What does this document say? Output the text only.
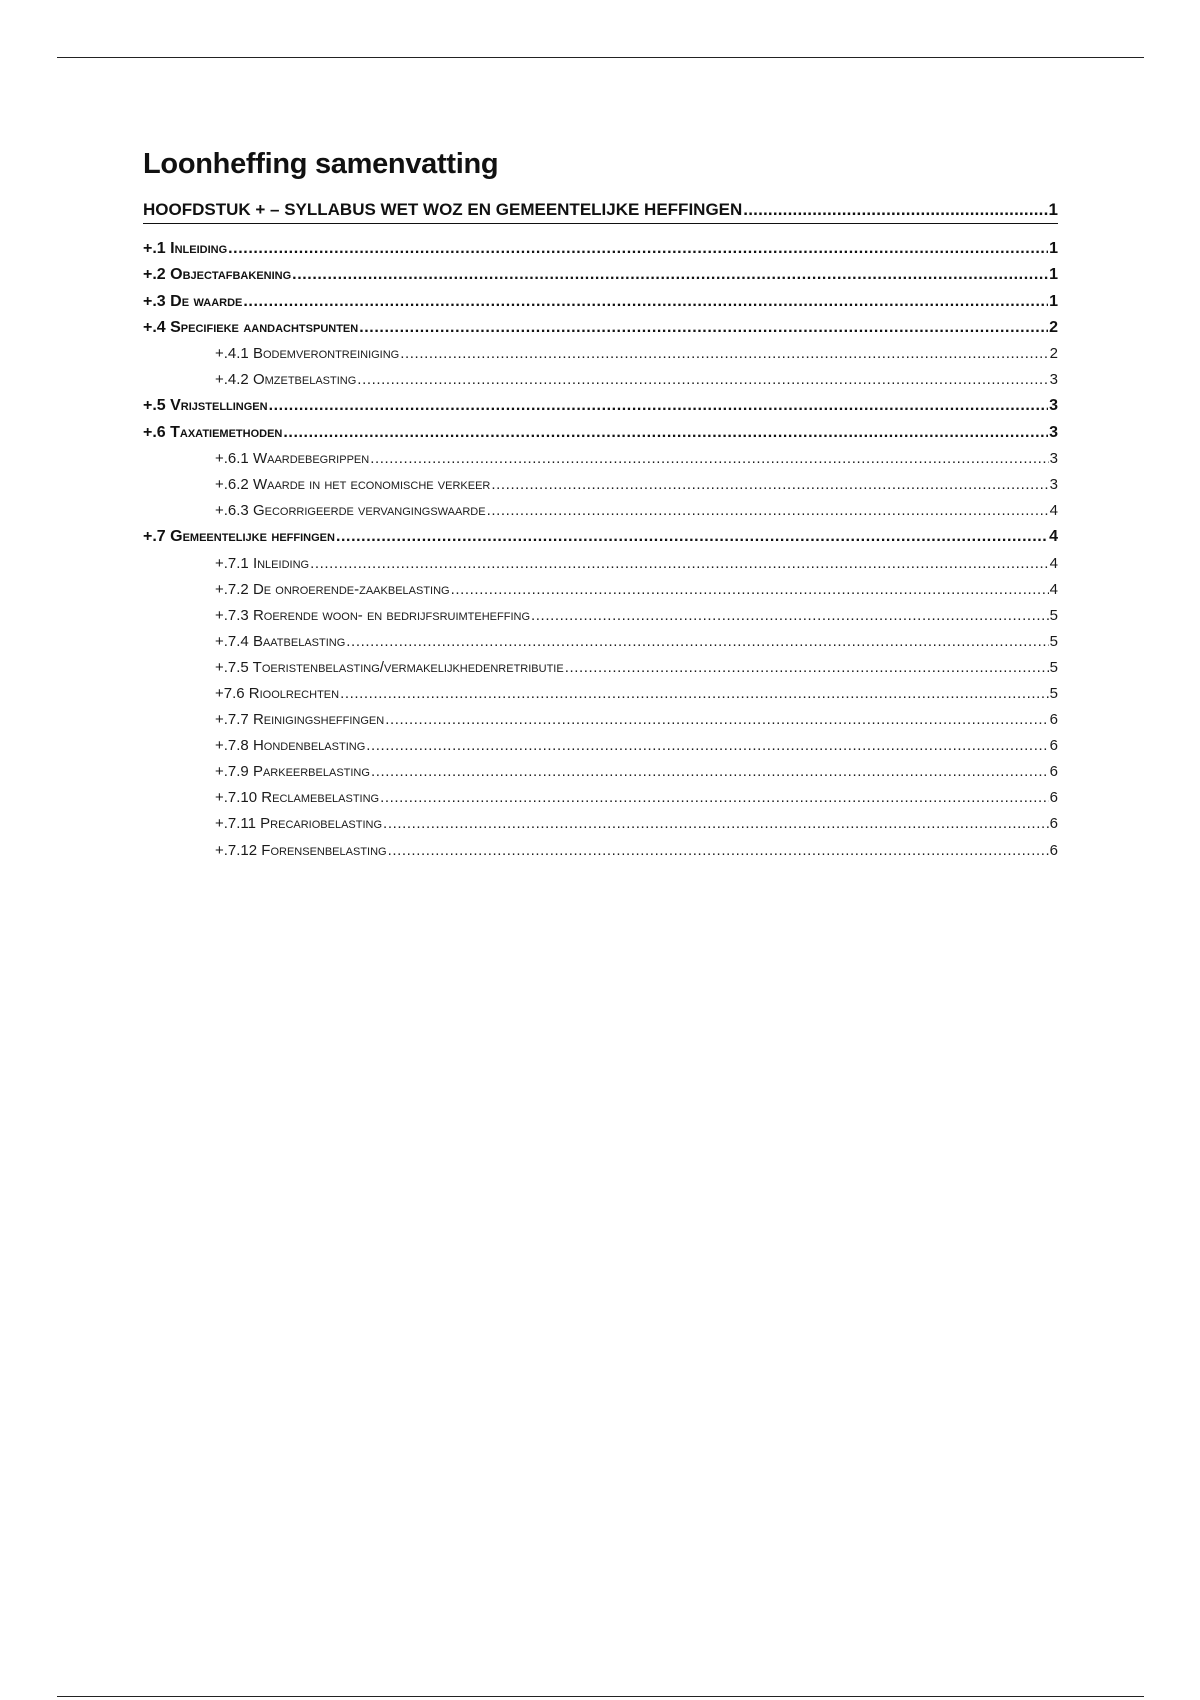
Loonheffing samenvatting
HOOFDSTUK + – SYLLABUS WET WOZ EN GEMEENTELIJKE HEFFINGEN .....	1
+.1 Inleiding .....	1
+.2 Objectafbakening .....	1
+.3 De waarde .....	1
+.4 Specifieke aandachtspunten .....	2
+.4.1 Bodemverontreiniging .....	2
+.4.2 Omzetbelasting .....	3
+.5 Vrijstellingen .....	3
+.6 Taxatiemethoden .....	3
+.6.1 Waardebegrippen .....	3
+.6.2 Waarde in het economische verkeer .....	3
+.6.3 Gecorrigeerde vervangingswaarde .....	4
+.7 Gemeentelijke heffingen .....	4
+.7.1 Inleiding .....	4
+.7.2 De onroerende-zaakbelasting .....	4
+.7.3 Roerende woon- en bedrijfsruimteheffing .....	5
+.7.4 Baatbelasting .....	5
+.7.5 Toeristenbelasting/vermakelijkhedenretributie .....	5
+7.6 Rioolrechten .....	5
+.7.7 Reinigingsheffingen .....	6
+.7.8 Hondenbelasting .....	6
+.7.9 Parkeerbelasting .....	6
+.7.10 Reclamebelasting .....	6
+.7.11 Precariobelasting .....	6
+.7.12 Forensenbelasting .....	6
